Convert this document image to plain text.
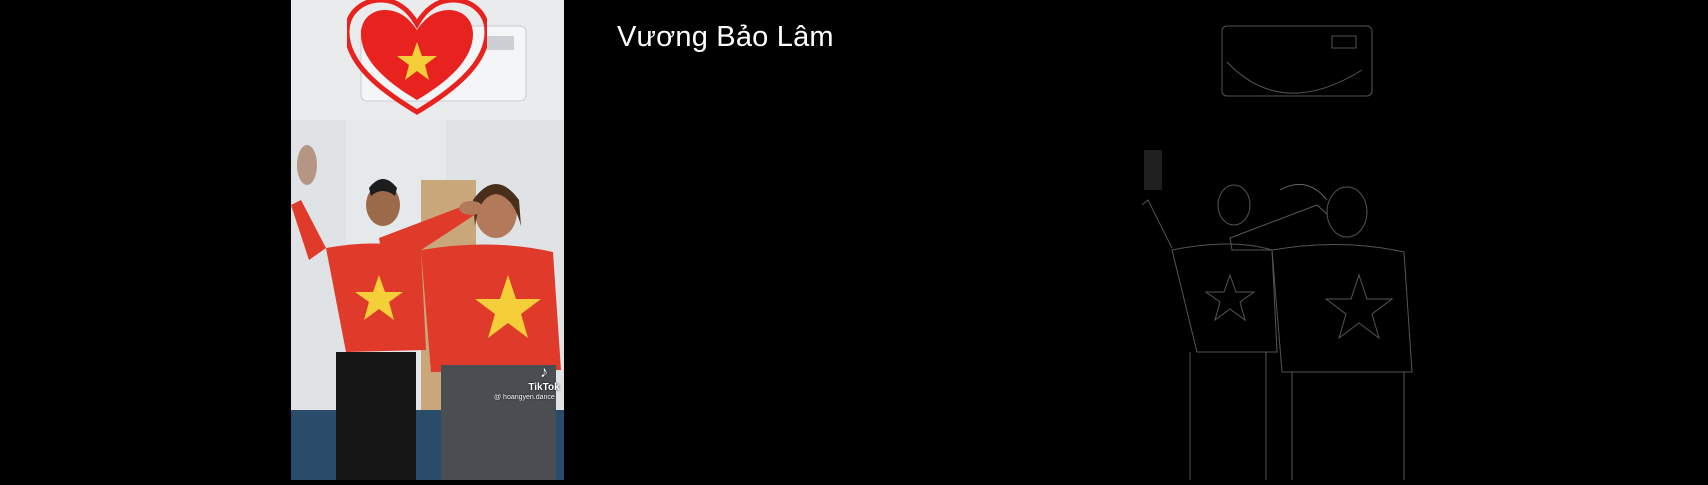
♪
TikTok
@ hoangyen.dance
Vương Bảo Lâm
